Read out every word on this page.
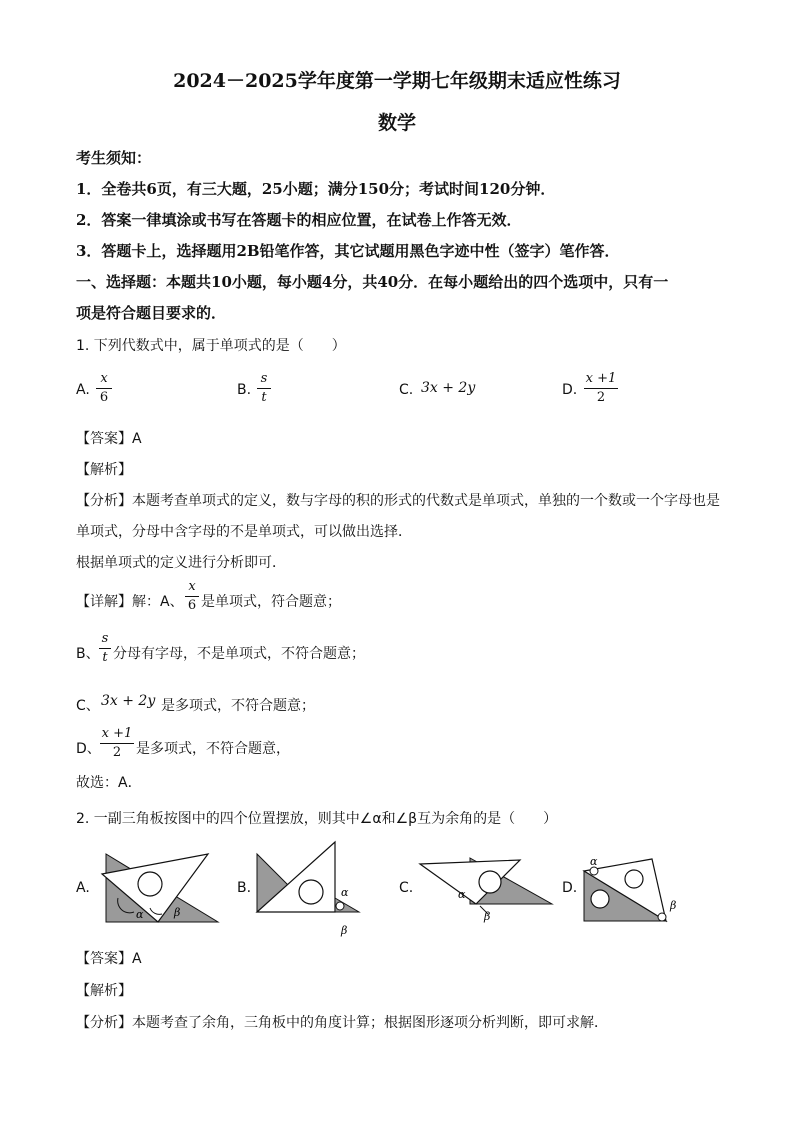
2024－2025学年度第一学期七年级期末适应性练习
数学
考生须知：
1．全卷共6页，有三大题，25小题；满分150分；考试时间120分钟．
2．答案一律填涂或书写在答题卡的相应位置，在试卷上作答无效．
3．答题卡上，选择题用2B铅笔作答，其它试题用黑色字迹中性（签字）笔作答．
一、选择题：本题共10小题，每小题4分，共40分．在每小题给出的四个选项中，只有一
项是符合题目要求的．
1. 下列代数式中，属于单项式的是（　　）
A.
x
6	B.
s
t	C. 3x + 2y	D.
x +1
2
【答案】A
【解析】
【分析】本题考查单项式的定义，数与字母的积的形式的代数式是单项式，单独的一个数或一个字母也是
单项式，分母中含字母的不是单项式，可以做出选择．
根据单项式的定义进行分析即可．
【详解】解：A、
x
6 是单项式，符合题意；
B、
s
t 分母有字母，不是单项式，不符合题意；
C、 3x + 2y 是多项式，不符合题意；
D、
x +1
2 是多项式，不符合题意，
故选：A．
2. 一副三角板按图中的四个位置摆放，则其中∠α和∠β互为余角的是（　　）
A.	B.	C.	D.
α	β
α
β
α
β
α
β
【答案】A
【解析】
【分析】本题考查了余角，三角板中的角度计算；根据图形逐项分析判断，即可求解．
